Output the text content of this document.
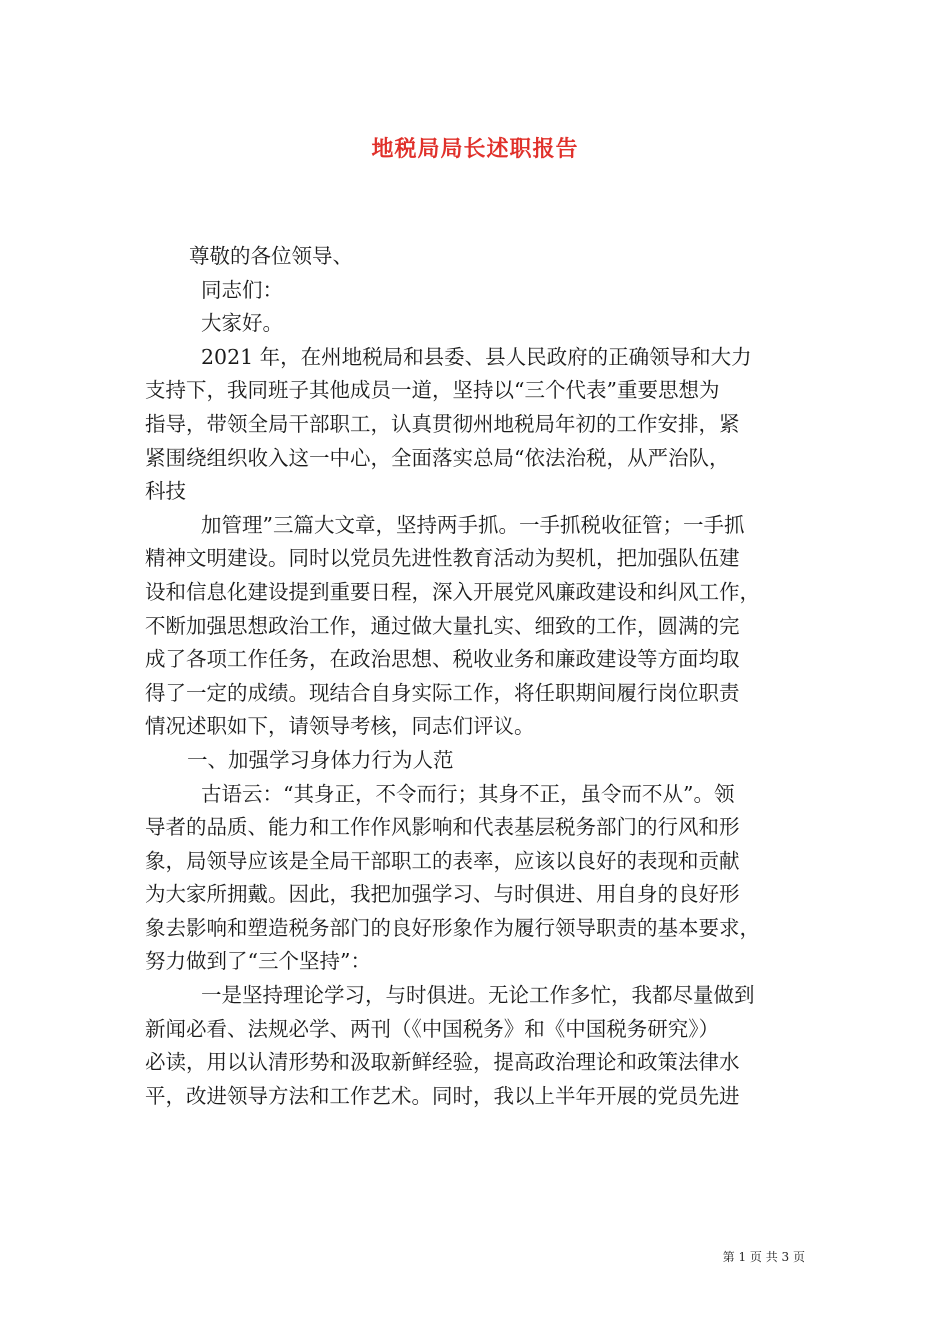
地税局局长述职报告
尊敬的各位领导、
同志们：
大家好。
2021 年，在州地税局和县委、县人民政府的正确领导和大力
支持下，我同班子其他成员一道，坚持以“三个代表”重要思想为
指导，带领全局干部职工，认真贯彻州地税局年初的工作安排，紧
紧围绕组织收入这一中心，全面落实总局“依法治税，从严治队，
科技
加管理”三篇大文章，坚持两手抓。一手抓税收征管；一手抓
精神文明建设。同时以党员先进性教育活动为契机，把加强队伍建
设和信息化建设提到重要日程，深入开展党风廉政建设和纠风工作，
不断加强思想政治工作，通过做大量扎实、细致的工作，圆满的完
成了各项工作任务，在政治思想、税收业务和廉政建设等方面均取
得了一定的成绩。现结合自身实际工作，将任职期间履行岗位职责
情况述职如下，请领导考核，同志们评议。
一、加强学习身体力行为人范
古语云：“其身正，不令而行；其身不正，虽令而不从”。领
导者的品质、能力和工作作风影响和代表基层税务部门的行风和形
象，局领导应该是全局干部职工的表率，应该以良好的表现和贡献
为大家所拥戴。因此，我把加强学习、与时俱进、用自身的良好形
象去影响和塑造税务部门的良好形象作为履行领导职责的基本要求，
努力做到了“三个坚持”：
一是坚持理论学习，与时俱进。无论工作多忙，我都尽量做到
新闻必看、法规必学、两刊（《中国税务》和《中国税务研究》）
必读，用以认清形势和汲取新鲜经验，提高政治理论和政策法律水
平，改进领导方法和工作艺术。同时，我以上半年开展的党员先进
第 1 页 共 3 页
